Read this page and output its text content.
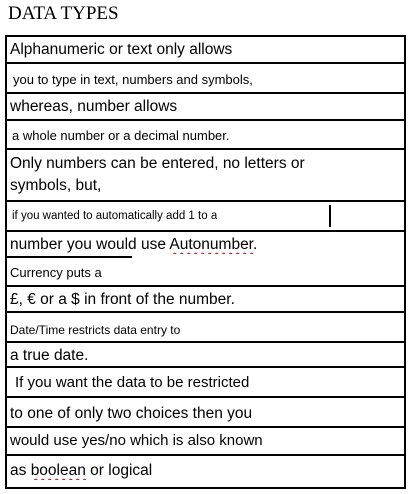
DATA TYPES
Alphanumeric or text only allows
you to type in text, numbers and symbols,
whereas, number allows
a whole number or a decimal number.
Only numbers can be entered, no letters or
symbols, but,
if you wanted to automatically add 1 to a
number you would use Autonumber.
Currency puts a
£, € or a $ in front of the number.
Date/Time restricts data entry to
a true date.
If you want the data to be restricted
to one of only two choices then you
would use yes/no which is also known
as boolean or logical
